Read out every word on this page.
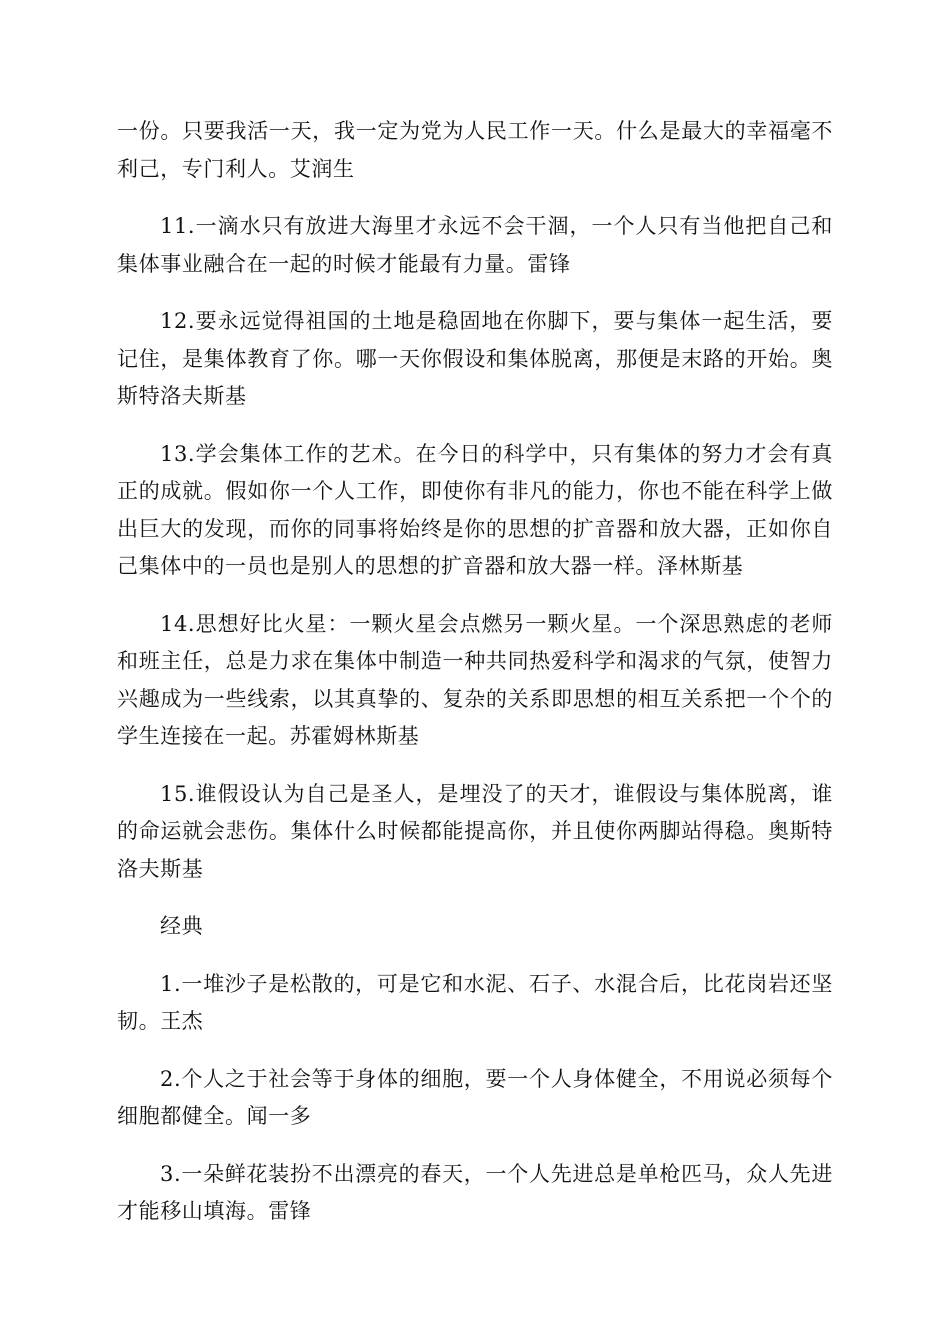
一份。只要我活一天，我一定为党为人民工作一天。什么是最大的幸福毫不利己，专门利人。艾润生

11.一滴水只有放进大海里才永远不会干涸，一个人只有当他把自己和集体事业融合在一起的时候才能最有力量。雷锋

12.要永远觉得祖国的土地是稳固地在你脚下，要与集体一起生活，要记住，是集体教育了你。哪一天你假设和集体脱离，那便是末路的开始。奥斯特洛夫斯基

13.学会集体工作的艺术。在今日的科学中，只有集体的努力才会有真正的成就。假如你一个人工作，即使你有非凡的能力，你也不能在科学上做出巨大的发现，而你的同事将始终是你的思想的扩音器和放大器，正如你自己集体中的一员也是别人的思想的扩音器和放大器一样。泽林斯基

14.思想好比火星：一颗火星会点燃另一颗火星。一个深思熟虑的老师和班主任，总是力求在集体中制造一种共同热爱科学和渴求的气氛，使智力兴趣成为一些线索，以其真挚的、复杂的关系即思想的相互关系把一个个的学生连接在一起。苏霍姆林斯基

15.谁假设认为自己是圣人，是埋没了的天才，谁假设与集体脱离，谁的命运就会悲伤。集体什么时候都能提高你，并且使你两脚站得稳。奥斯特洛夫斯基

经典

1.一堆沙子是松散的，可是它和水泥、石子、水混合后，比花岗岩还坚韧。王杰

2.个人之于社会等于身体的细胞，要一个人身体健全，不用说必须每个细胞都健全。闻一多

3.一朵鲜花装扮不出漂亮的春天，一个人先进总是单枪匹马，众人先进才能移山填海。雷锋
